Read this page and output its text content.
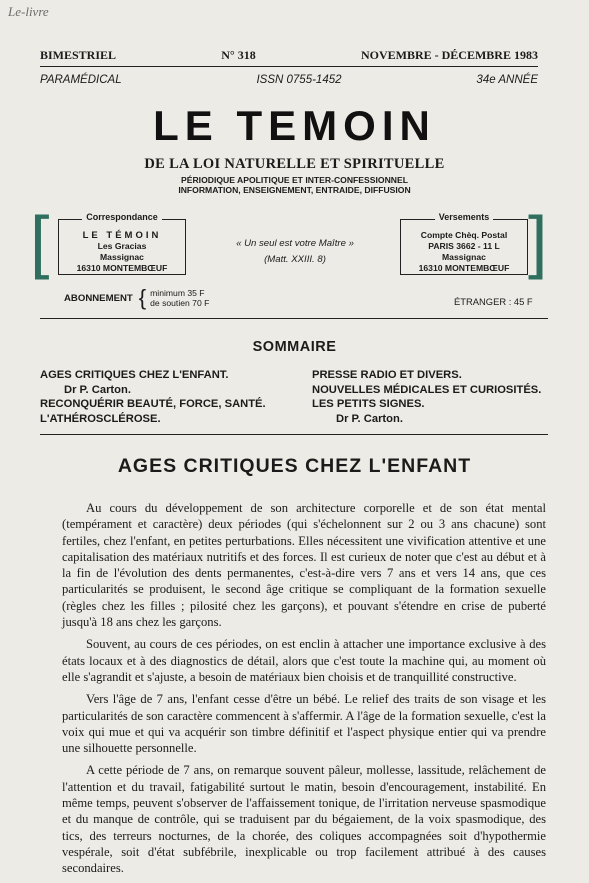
Le-livre
BIMESTRIEL	N° 318	NOVEMBRE - DÉCEMBRE 1983
PARAMÉDICAL	ISSN 0755-1452	34e ANNÉE
LE TEMOIN
DE LA LOI NATURELLE ET SPIRITUELLE
PÉRIODIQUE APOLITIQUE ET INTER-CONFESSIONNEL
INFORMATION, ENSEIGNEMENT, ENTRAIDE, DIFFUSION
[	]
Correspondance
LE TÉMOIN
Les Gracias
Massignac
16310 MONTEMBŒUF
« Un seul est votre Maître »
(Matt. XXIII. 8)
Versements
Compte Chèq. Postal
PARIS 3662 - 11 L
Massignac
16310 MONTEMBŒUF
ABONNEMENT { minimum 35 F
de soutien 70 F	ÉTRANGER : 45 F
SOMMAIRE
AGES CRITIQUES CHEZ L'ENFANT.
Dr P. Carton.
RECONQUÉRIR BEAUTÉ, FORCE, SANTÉ.
L'ATHÉROSCLÉROSE.
PRESSE RADIO ET DIVERS.
NOUVELLES MÉDICALES ET CURIOSITÉS.
LES PETITS SIGNES.
Dr P. Carton.
AGES CRITIQUES CHEZ L'ENFANT

Au cours du développement de son architecture corporelle et de son état mental (tempérament et caractère) deux périodes (qui s'échelonnent sur 2 ou 3 ans chacune) sont fertiles, chez l'enfant, en petites perturbations. Elles nécessitent une vivification attentive et une capitalisation des matériaux nutritifs et des forces. Il est curieux de noter que c'est au début et à la fin de l'évolution des dents permanentes, c'est-à-dire vers 7 ans et vers 14 ans, que ces particularités se produisent, le second âge critique se compliquant de la formation sexuelle (règles chez les filles ; pilosité chez les garçons), et pouvant s'étendre en crise de puberté jusqu'à 18 ans chez les garçons.

Souvent, au cours de ces périodes, on est enclin à attacher une importance exclusive à des états locaux et à des diagnostics de détail, alors que c'est toute la machine qui, au moment où elle s'agrandit et s'ajuste, a besoin de matériaux bien choisis et de tranquillité constructive.

Vers l'âge de 7 ans, l'enfant cesse d'être un bébé. Le relief des traits de son visage et les particularités de son caractère commencent à s'affermir. A l'âge de la formation sexuelle, c'est la voix qui mue et qui va acquérir son timbre définitif et l'aspect physique entier qui va prendre une silhouette personnelle.

A cette période de 7 ans, on remarque souvent pâleur, mollesse, lassitude, relâchement de l'attention et du travail, fatigabilité surtout le matin, besoin d'encouragement, instabilité. En même temps, peuvent s'observer de l'affaissement tonique, de l'irritation nerveuse spasmodique et du manque de contrôle, qui se traduisent par du bégaiement, de la voix spasmodique, des tics, des terreurs nocturnes, de la chorée, des coliques accompagnées soit d'hypothermie vespérale, soit d'état subfébrile, inexplicable ou trop facilement attribué à des causes secondaires.
